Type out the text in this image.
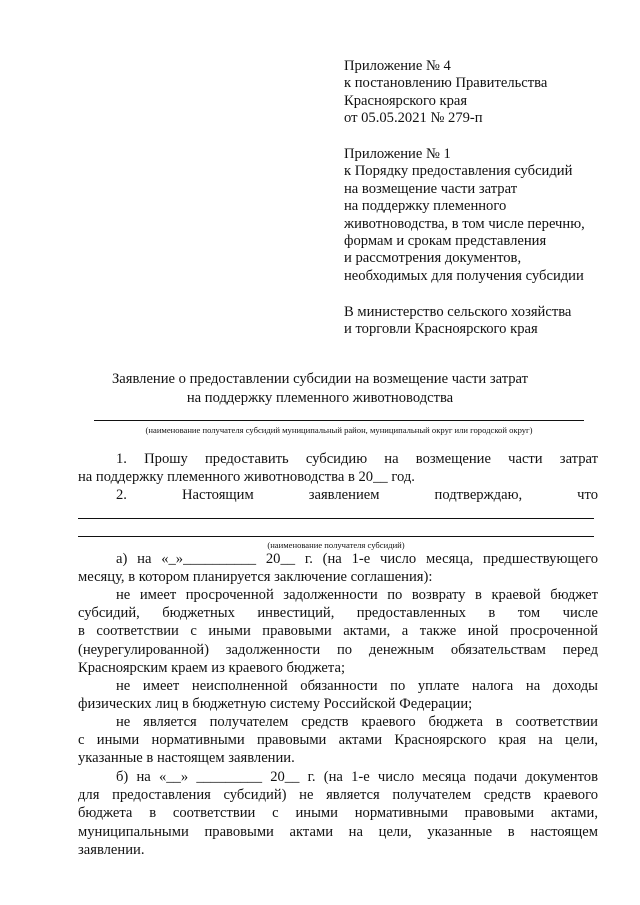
Приложение № 4
к постановлению Правительства
Красноярского края
от 05.05.2021 № 279-п
Приложение № 1
к Порядку предоставления субсидий
на возмещение части затрат
на поддержку племенного
животноводства, в том числе перечню,
формам и срокам представления
и рассмотрения документов,
необходимых для получения субсидии
В министерство сельского хозяйства
и торговли Красноярского края
Заявление о предоставлении субсидии на возмещение части затрат
на поддержку племенного животноводства
(наименование получателя субсидий муниципальный район, муниципальный округ или городской округ)
1. Прошу предоставить субсидию на возмещение части затрат
на поддержку племенного животноводства в 20__ год.
2. Настоящим заявлением подтверждаю, что
(наименование получателя субсидий)
а) на «_»__________ 20__ г. (на 1-е число месяца, предшествующего
месяцу, в котором планируется заключение соглашения):
не имеет просроченной задолженности по возврату в краевой бюджет
субсидий, бюджетных инвестиций, предоставленных в том числе
в соответствии с иными правовыми актами, а также иной просроченной
(неурегулированной) задолженности по денежным обязательствам перед
Красноярским краем из краевого бюджета;
не имеет неисполненной обязанности по уплате налога на доходы
физических лиц в бюджетную систему Российской Федерации;
не является получателем средств краевого бюджета в соответствии
с иными нормативными правовыми актами Красноярского края на цели,
указанные в настоящем заявлении.
б) на «__» _________ 20__ г. (на 1-е число месяца подачи документов
для предоставления субсидий) не является получателем средств краевого
бюджета в соответствии с иными нормативными правовыми актами,
муниципальными правовыми актами на цели, указанные в настоящем
заявлении.
